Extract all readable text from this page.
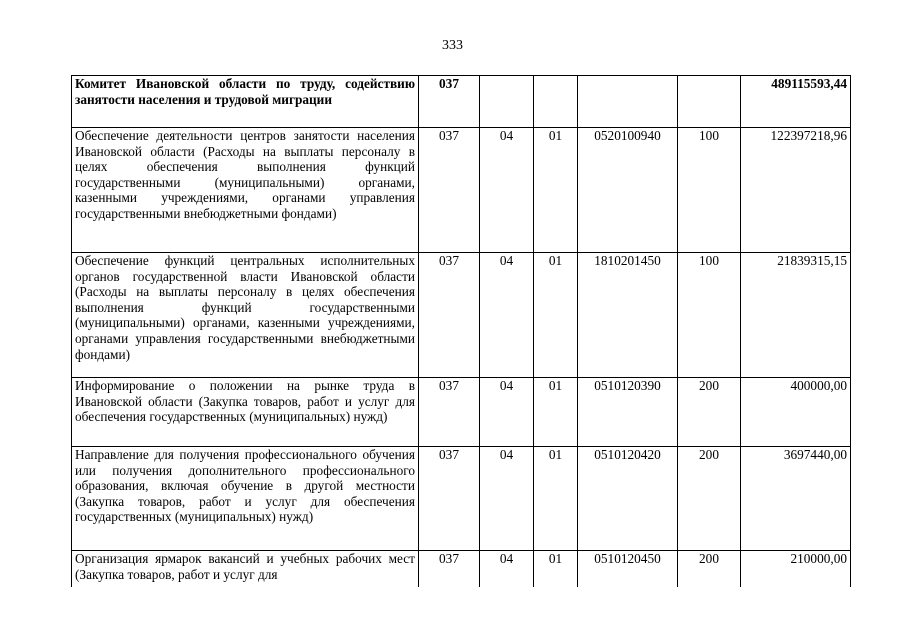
333
Комитет Ивановской области по труду, содействию занятости населения и трудовой миграции	037					489115593,44
Обеспечение деятельности центров занятости населения Ивановской области (Расходы на выплаты персоналу в целях обеспечения выполнения функций государственными (муниципальными) органами, казенными учреждениями, органами управления государственными внебюджетными фондами)	037	04	01	0520100940	100	122397218,96
Обеспечение функций центральных исполнительных органов государственной власти Ивановской области (Расходы на выплаты персоналу в целях обеспечения выполнения функций государственными (муниципальными) органами, казенными учреждениями, органами управления государственными внебюджетными фондами)	037	04	01	1810201450	100	21839315,15
Информирование о положении на рынке труда в Ивановской области (Закупка товаров, работ и услуг для обеспечения государственных (муниципальных) нужд)	037	04	01	0510120390	200	400000,00
Направление для получения профессионального обучения или получения дополнительного профессионального образования, включая обучение в другой местности (Закупка товаров, работ и услуг для обеспечения государственных (муниципальных) нужд)	037	04	01	0510120420	200	3697440,00
Организация ярмарок вакансий и учебных рабочих мест (Закупка товаров, работ и услуг для	037	04	01	0510120450	200	210000,00
